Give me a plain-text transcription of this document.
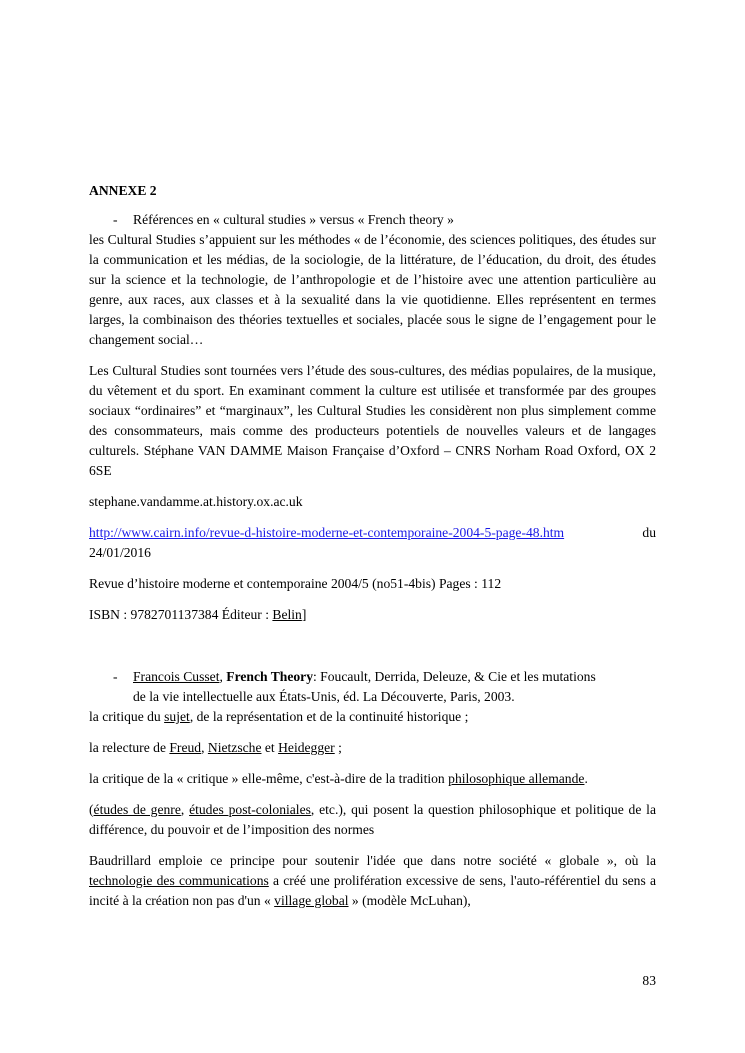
ANNEXE 2
- Références en « cultural studies » versus « French theory »

les Cultural Studies s’appuient sur les méthodes « de l’économie, des sciences politiques, des études sur la communication et les médias, de la sociologie, de la littérature, de l’éducation, du droit, des études sur la science et la technologie, de l’anthropologie et de l’histoire avec une attention particulière au genre, aux races, aux classes et à la sexualité dans la vie quotidienne. Elles représentent en termes larges, la combinaison des théories textuelles et sociales, placée sous le signe de l’engagement pour le changement social…

Les Cultural Studies sont tournées vers l’étude des sous-cultures, des médias populaires, de la musique, du vêtement et du sport. En examinant comment la culture est utilisée et transformée par des groupes sociaux “ordinaires” et “marginaux”, les Cultural Studies les considèrent non plus simplement comme des consommateurs, mais comme des producteurs potentiels de nouvelles valeurs et de langages culturels. Stéphane VAN DAMME Maison Française d’Oxford – CNRS Norham Road Oxford, OX 2 6SE

stephane.vandamme.at.history.ox.ac.uk

http://www.cairn.info/revue-d-histoire-moderne-et-contemporaine-2004-5-page-48.htm	du
24/01/2016

Revue d’histoire moderne et contemporaine 2004/5 (no51-4bis) Pages : 112

ISBN : 9782701137384 Éditeur : Belin]

- Francois Cusset, French Theory: Foucault, Derrida, Deleuze, & Cie et les mutations
de la vie intellectuelle aux États-Unis, éd. La Découverte, Paris, 2003.

la critique du sujet, de la représentation et de la continuité historique ;

la relecture de Freud, Nietzsche et Heidegger ;

la critique de la « critique » elle-même, c'est-à-dire de la tradition philosophique allemande.

(études de genre, études post-coloniales, etc.), qui posent la question philosophique et politique de la différence, du pouvoir et de l’imposition des normes

Baudrillard emploie ce principe pour soutenir l'idée que dans notre société « globale », où la technologie des communications a créé une prolifération excessive de sens, l'auto-référentiel du sens a incité à la création non pas d'un « village global » (modèle McLuhan),

83
